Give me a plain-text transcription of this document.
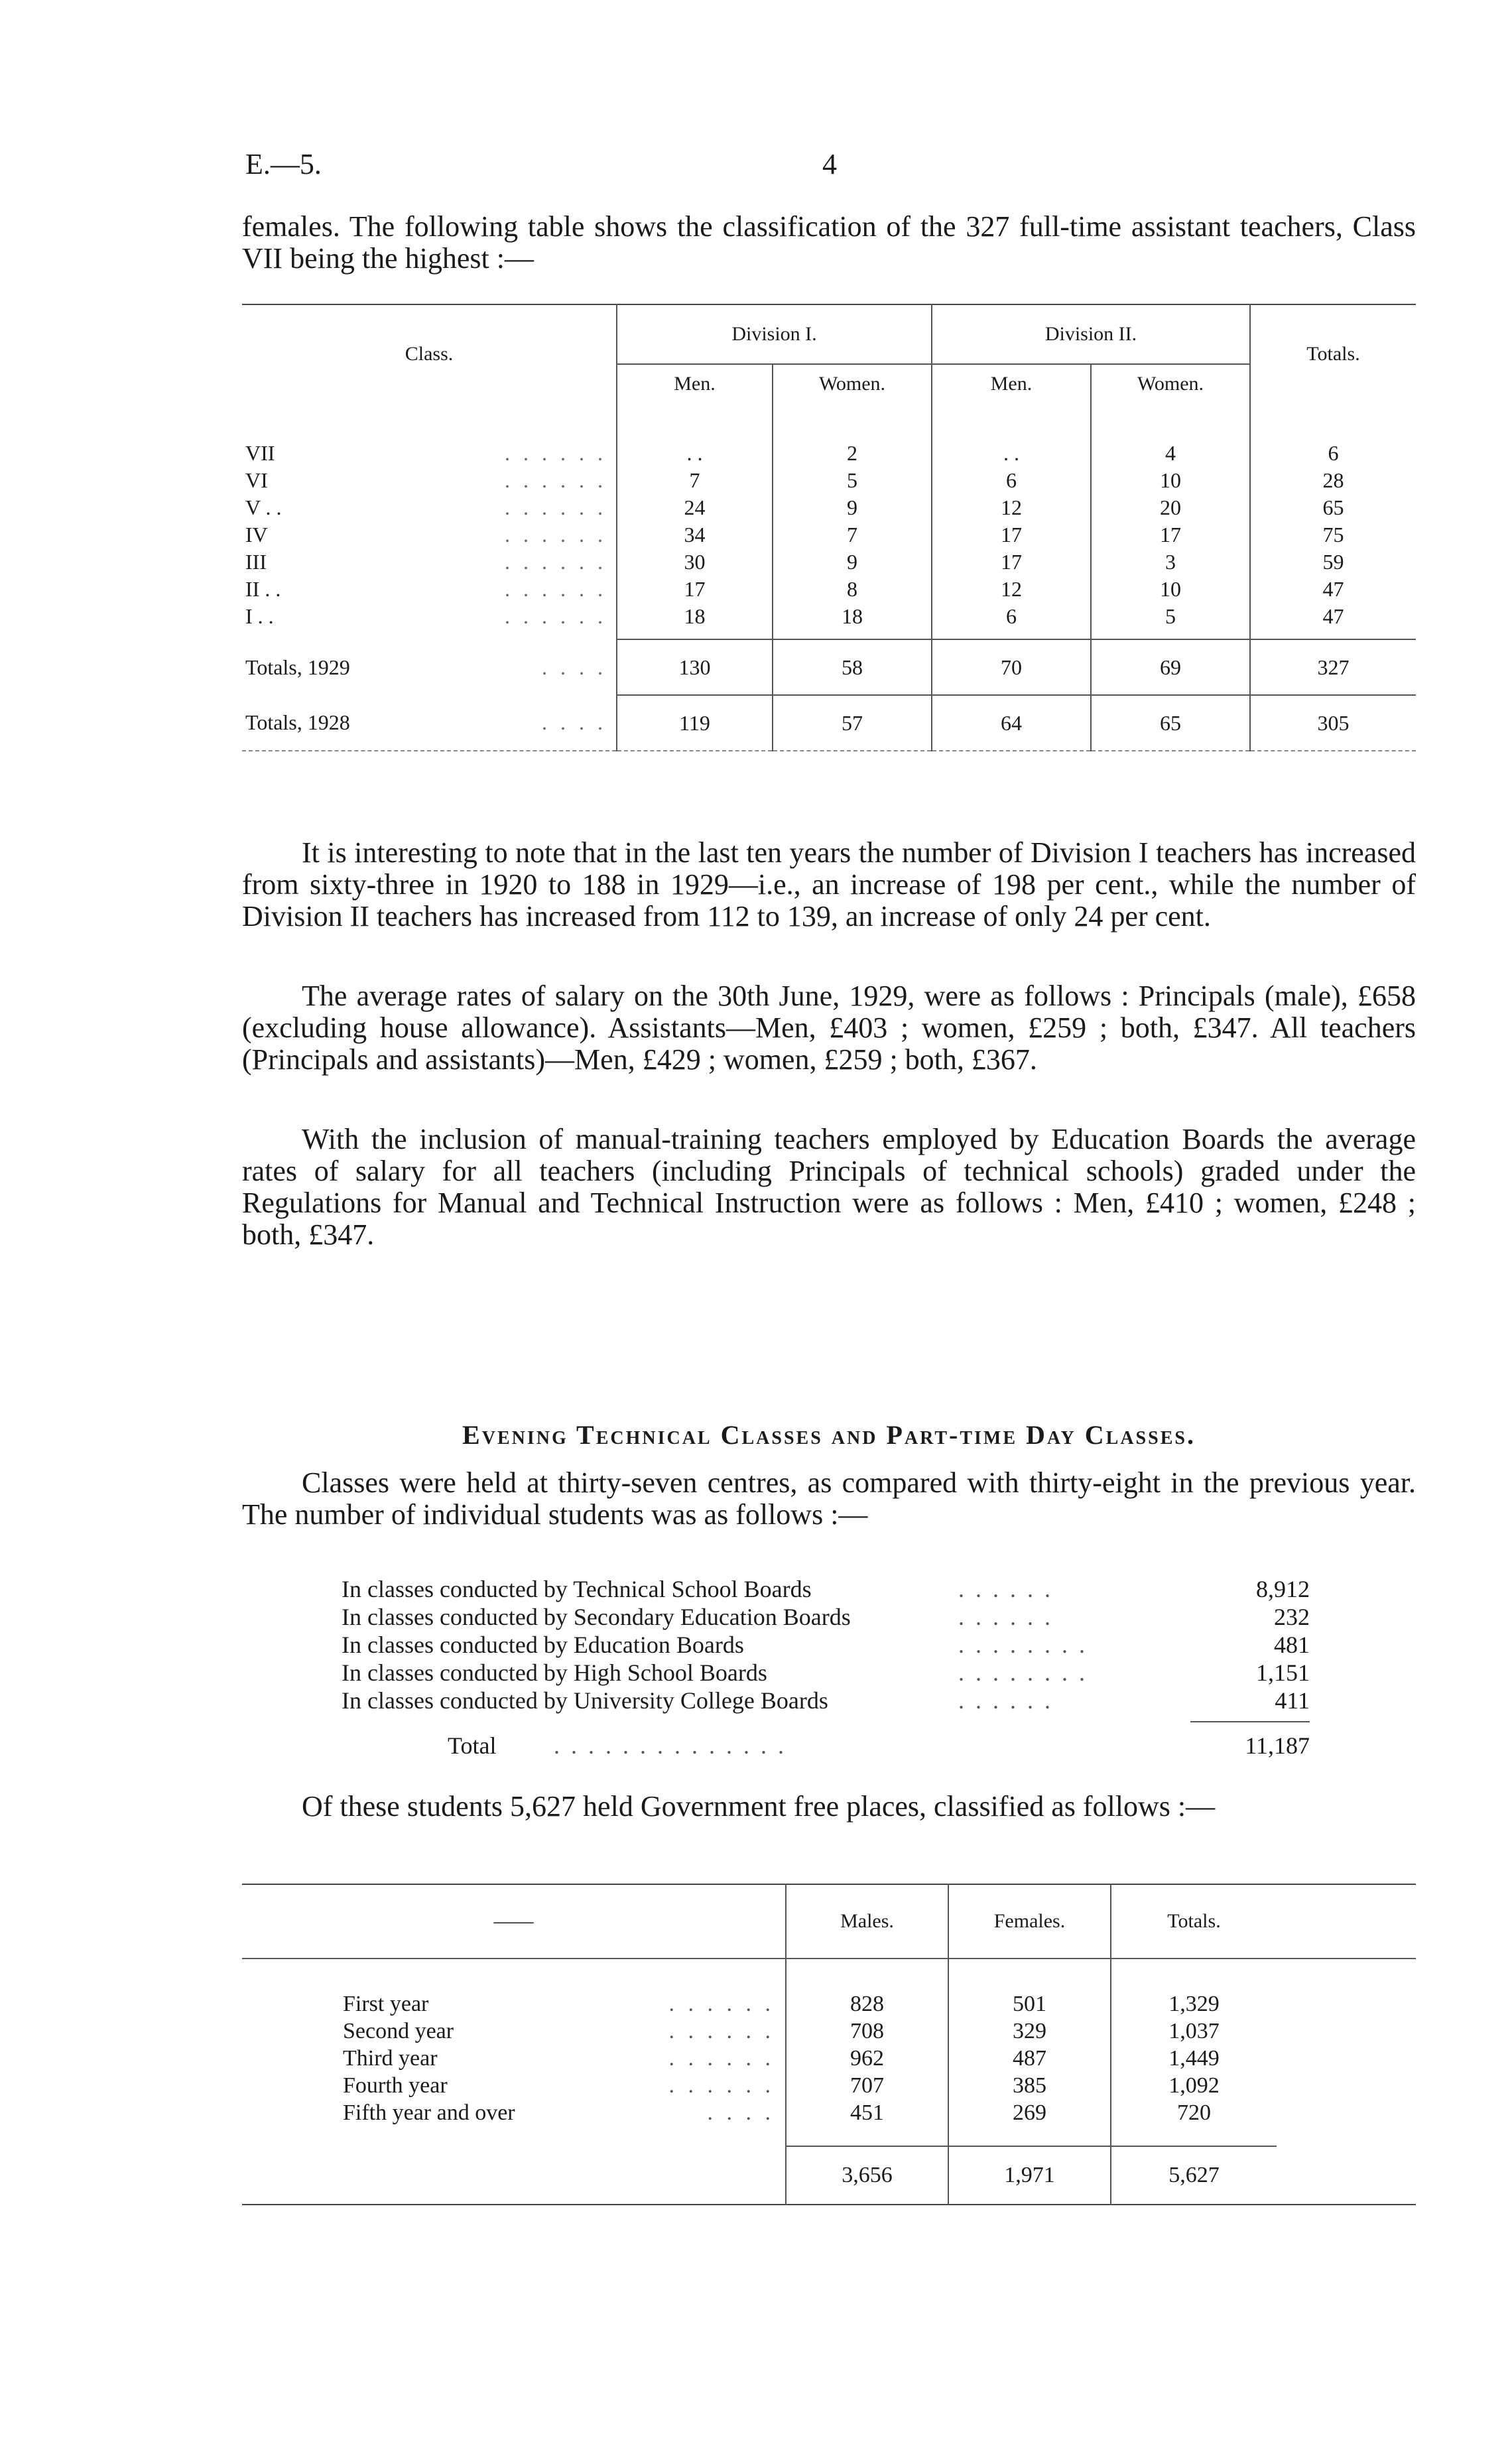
E.—5.	4

females. The following table shows the classification of the 327 full-time assistant teachers, Class VII being the highest :—

Class.	Division I.		Division II.		Totals.
	Men.	Women.	Men.	Women.	

VII . . . . . .	. .	2	. .	4	6
VI . . . . . .	7	5	6	10	28
V . . . . . . . .	24	9	12	20	65
IV . . . . . .	34	7	17	17	75
III . . . . . .	30	9	17	3	59
II . . . . . . . .	17	8	12	10	47
I . . . . . . . .	18	18	6	5	47

Totals, 1929 . . . .	130	58	70	69	327
Totals, 1928 . . . .	119	57	64	65	305

It is interesting to note that in the last ten years the number of Division I teachers has increased from sixty-three in 1920 to 188 in 1929—i.e., an increase of 198 per cent., while the number of Division II teachers has increased from 112 to 139, an increase of only 24 per cent.

The average rates of salary on the 30th June, 1929, were as follows : Principals (male), £658 (excluding house allowance). Assistants—Men, £403 ; women, £259 ; both, £347. All teachers (Principals and assistants)—Men, £429 ; women, £259 ; both, £367.

With the inclusion of manual-training teachers employed by Education Boards the average rates of salary for all teachers (including Principals of technical schools) graded under the Regulations for Manual and Technical Instruction were as follows : Men, £410 ; women, £248 ; both, £347.

Evening Technical Classes and Part-time Day Classes.

Classes were held at thirty-seven centres, as compared with thirty-eight in the previous year. The number of individual students was as follows :—

In classes conducted by Technical School Boards	. . . . . .	8,912
In classes conducted by Secondary Education Boards	. . . . . .	232
In classes conducted by Education Boards	. . . . . . . .	481
In classes conducted by High School Boards	. . . . . . . .	1,151
In classes conducted by University College Boards	. . . . . .	411
Total . . . . . . . . . . . . . .	11,187

Of these students 5,627 held Government free places, classified as follows :—

——	Males.	Females.	Totals.	

First year . . . . . .	828	501	1,329	
Second year . . . . . .	708	329	1,037	
Third year . . . . . .	962	487	1,449	
Fourth year . . . . . .	707	385	1,092	
Fifth year and over . . . .	451	269	720	

	3,656	1,971	5,627	
